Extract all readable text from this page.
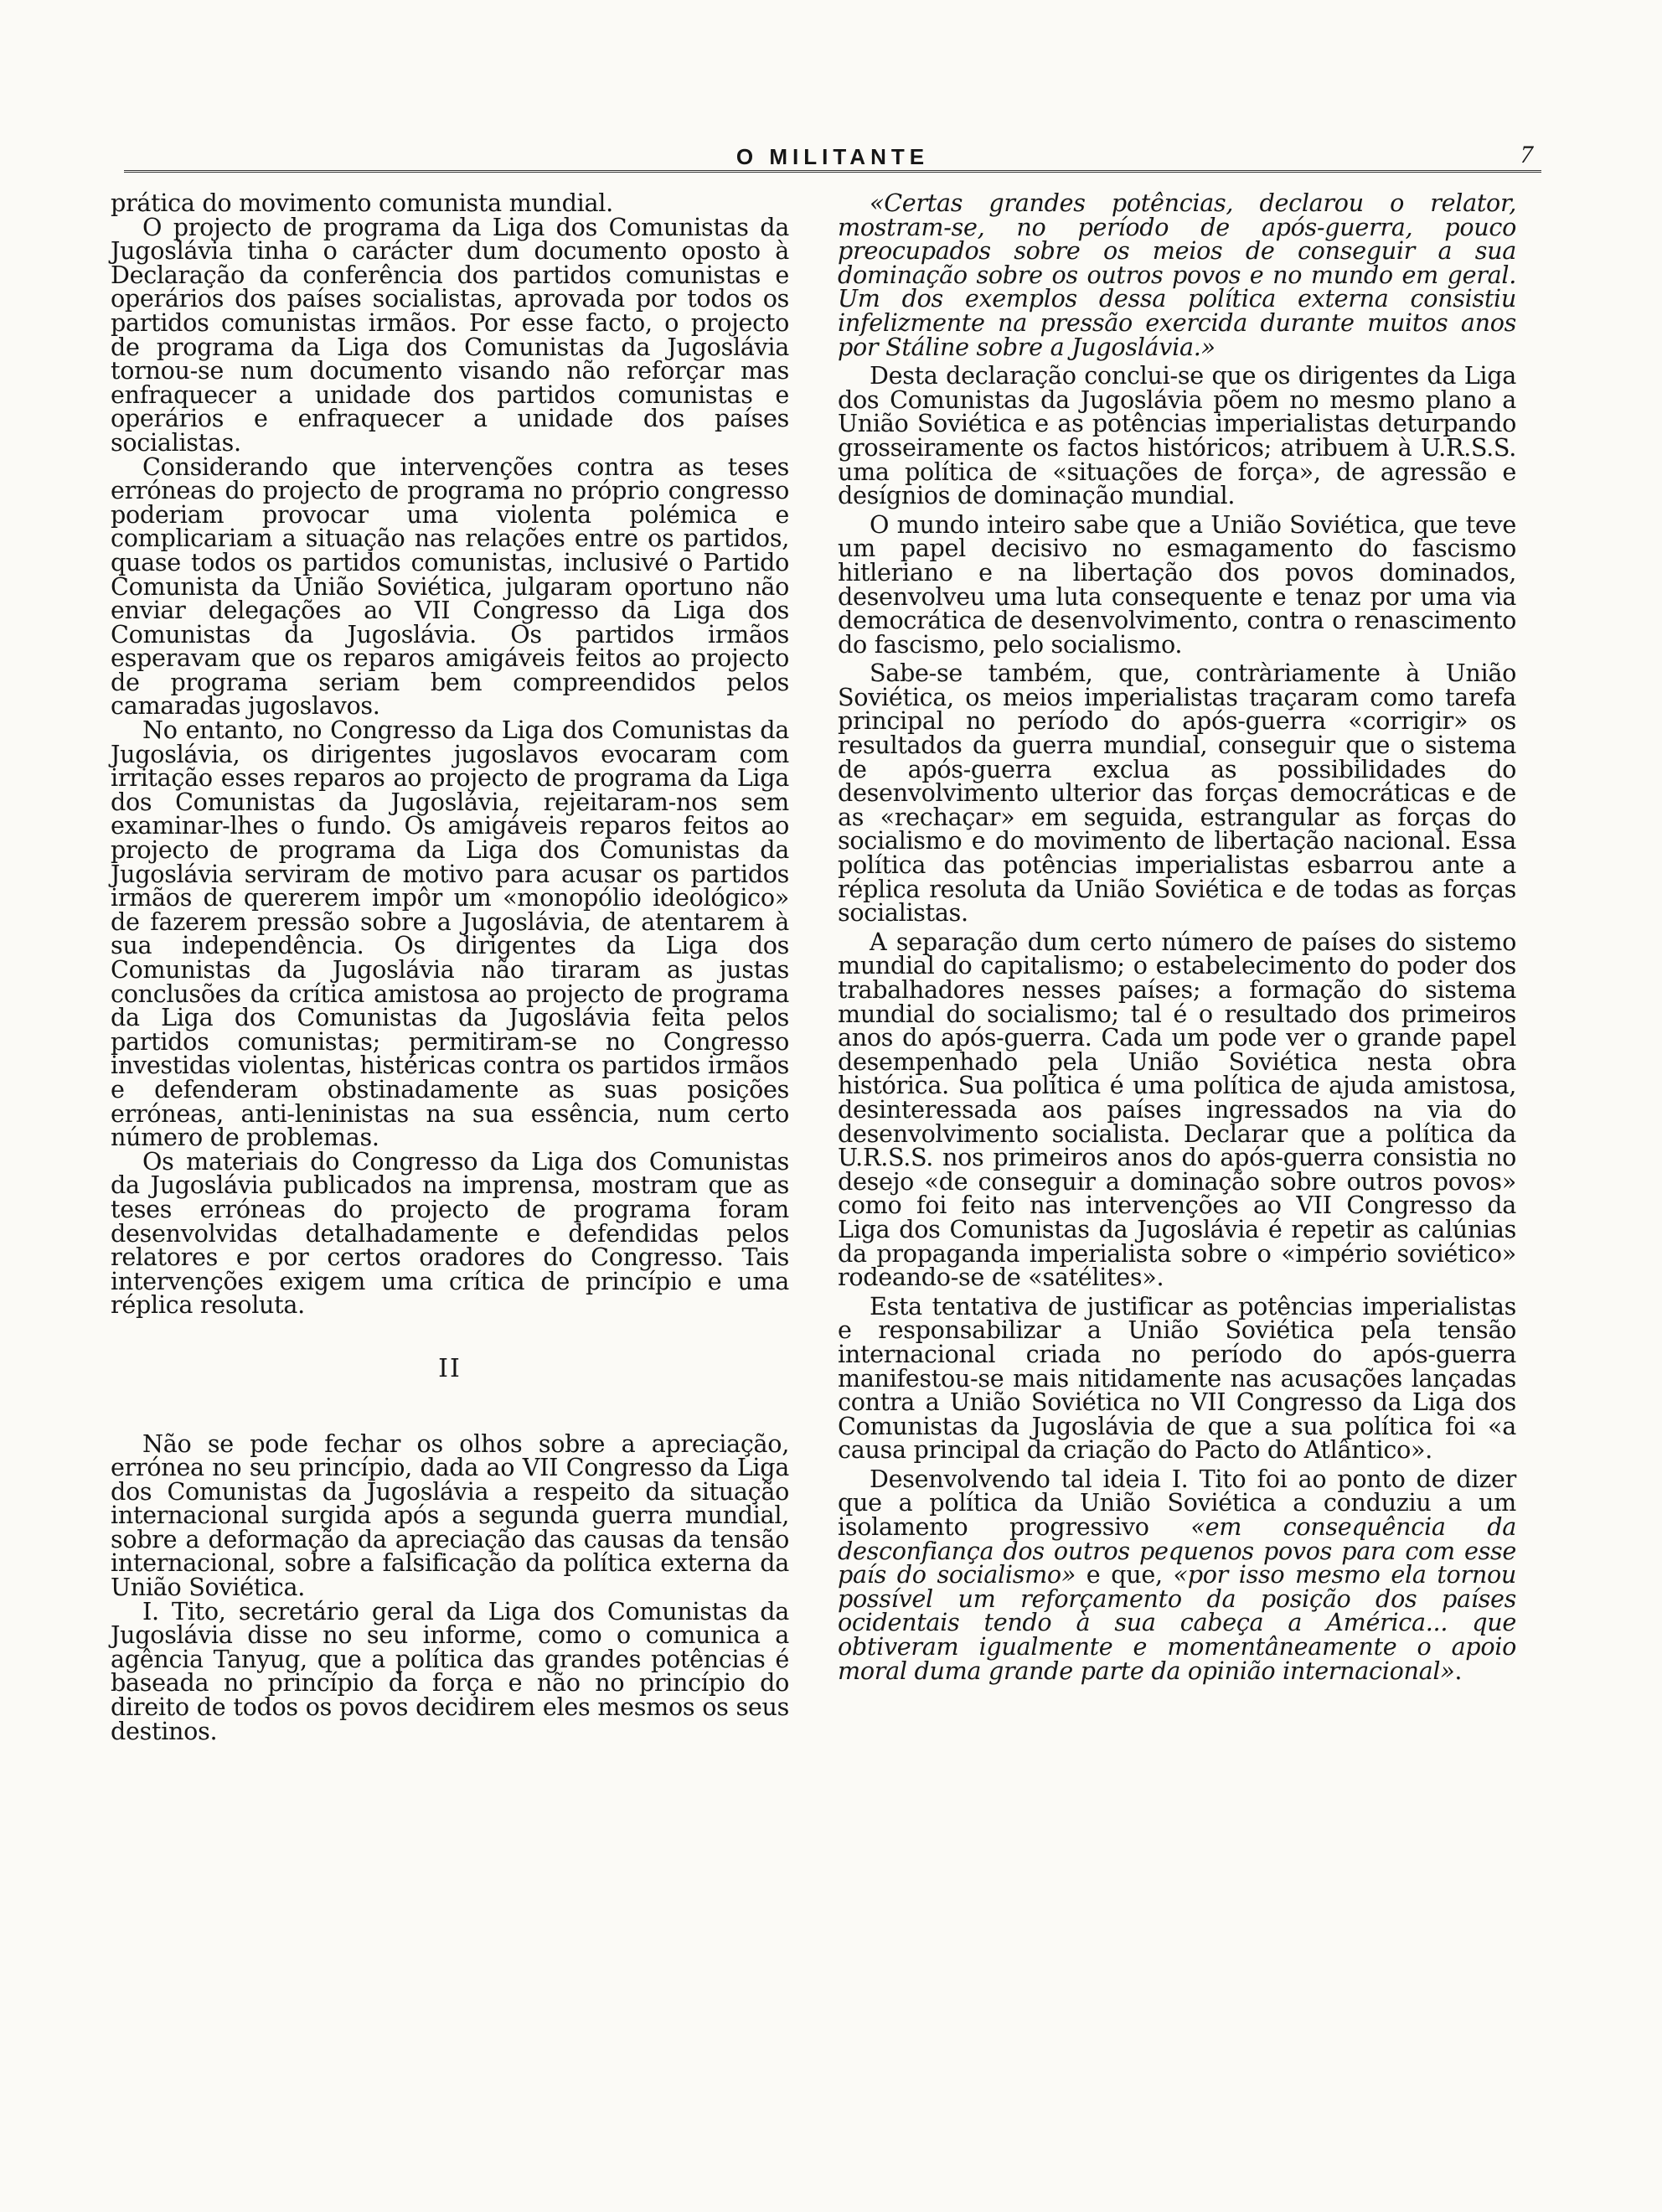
O MILITANTE	7

prática do movimento comunista mundial.

O projecto de programa da Liga dos Comunistas da Jugoslávia tinha o carácter dum documento oposto à Declaração da conferência dos partidos comunistas e operários dos países socialistas, aprovada por todos os partidos comunistas irmãos. Por esse facto, o projecto de programa da Liga dos Comunistas da Jugoslávia tornou-se num documento visando não reforçar mas enfraquecer a unidade dos partidos comunistas e operários e enfraquecer a unidade dos países socialistas.

Considerando que intervenções contra as teses erróneas do projecto de programa no próprio congresso poderiam provocar uma violenta polémica e complicariam a situação nas relações entre os partidos, quase todos os partidos comunistas, inclusivé o Partido Comunista da União Soviética, julgaram oportuno não enviar delegações ao VII Congresso da Liga dos Comunistas da Jugoslávia. Os partidos irmãos esperavam que os reparos amigáveis feitos ao projecto de programa seriam bem compreendidos pelos camaradas jugoslavos.

No entanto, no Congresso da Liga dos Comunistas da Jugoslávia, os dirigentes jugoslavos evocaram com irritação esses reparos ao projecto de programa da Liga dos Comunistas da Jugoslávia, rejeitaram-nos sem examinar-lhes o fundo. Os amigáveis reparos feitos ao projecto de programa da Liga dos Comunistas da Jugoslávia serviram de motivo para acusar os partidos irmãos de quererem impôr um «monopólio ideológico» de fazerem pressão sobre a Jugoslávia, de atentarem à sua independência. Os dirigentes da Liga dos Comunistas da Jugoslávia não tiraram as justas conclusões da crítica amistosa ao projecto de programa da Liga dos Comunistas da Jugoslávia feita pelos partidos comunistas; permitiram-se no Congresso investidas violentas, histéricas contra os partidos irmãos e defenderam obstinadamente as suas posições erróneas, anti-leninistas na sua essência, num certo número de problemas.

Os materiais do Congresso da Liga dos Comunistas da Jugoslávia publicados na imprensa, mostram que as teses erróneas do projecto de programa foram desenvolvidas detalhadamente e defendidas pelos relatores e por certos oradores do Congresso. Tais intervenções exigem uma crítica de princípio e uma réplica resoluta.

II

Não se pode fechar os olhos sobre a apreciação, errónea no seu princípio, dada ao VII Congresso da Liga dos Comunistas da Jugoslávia a respeito da situação internacional surgida após a segunda guerra mundial, sobre a deformação da apreciação das causas da tensão internacional, sobre a falsificação da política externa da União Soviética.

I. Tito, secretário geral da Liga dos Comunistas da Jugoslávia disse no seu informe, como o comunica a agência Tanyug, que a política das grandes potências é baseada no princípio da força e não no princípio do direito de todos os povos decidirem eles mesmos os seus destinos.

«Certas grandes potências, declarou o relator, mostram-se, no período de após-guerra, pouco preocupados sobre os meios de conseguir a sua dominação sobre os outros povos e no mundo em geral. Um dos exemplos dessa política externa consistiu infelizmente na pressão exercida durante muitos anos por Stáline sobre a Jugoslávia.»

Desta declaração conclui-se que os dirigentes da Liga dos Comunistas da Jugoslávia põem no mesmo plano a União Soviética e as potências imperialistas deturpando grosseiramente os factos históricos; atribuem à U.R.S.S. uma política de «situações de força», de agressão e desígnios de dominação mundial.

O mundo inteiro sabe que a União Soviética, que teve um papel decisivo no esmagamento do fascismo hitleriano e na libertação dos povos dominados, desenvolveu uma luta consequente e tenaz por uma via democrática de desenvolvimento, contra o renascimento do fascismo, pelo socialismo.

Sabe-se também, que, contràriamente à União Soviética, os meios imperialistas traçaram como tarefa principal no período do após-guerra «corrigir» os resultados da guerra mundial, conseguir que o sistema de após-guerra exclua as possibilidades do desenvolvimento ulterior das forças democráticas e de as «rechaçar» em seguida, estrangular as forças do socialismo e do movimento de libertação nacional. Essa política das potências imperialistas esbarrou ante a réplica resoluta da União Soviética e de todas as forças socialistas.

A separação dum certo número de países do sistemo mundial do capitalismo; o estabelecimento do poder dos trabalhadores nesses países; a formação do sistema mundial do socialismo; tal é o resultado dos primeiros anos do após-guerra. Cada um pode ver o grande papel desempenhado pela União Soviética nesta obra histórica. Sua política é uma política de ajuda amistosa, desinteressada aos países ingressados na via do desenvolvimento socialista. Declarar que a política da U.R.S.S. nos primeiros anos do após-guerra consistia no desejo «de conseguir a dominação sobre outros povos» como foi feito nas intervenções ao VII Congresso da Liga dos Comunistas da Jugoslávia é repetir as calúnias da propaganda imperialista sobre o «império soviético» rodeando-se de «satélites».

Esta tentativa de justificar as potências imperialistas e responsabilizar a União Soviética pela tensão internacional criada no período do após-guerra manifestou-se mais nitidamente nas acusações lançadas contra a União Soviética no VII Congresso da Liga dos Comunistas da Jugoslávia de que a sua política foi «a causa principal da criação do Pacto do Atlântico».

Desenvolvendo tal ideia I. Tito foi ao ponto de dizer que a política da União Soviética a conduziu a um isolamento progressivo «em consequência da desconfiança dos outros pequenos povos para com esse país do socialismo» e que, «por isso mesmo ela tornou possível um reforçamento da posição dos países ocidentais tendo à sua cabeça a América... que obtiveram igualmente e momentâneamente o apoio moral duma grande parte da opinião internacional».
